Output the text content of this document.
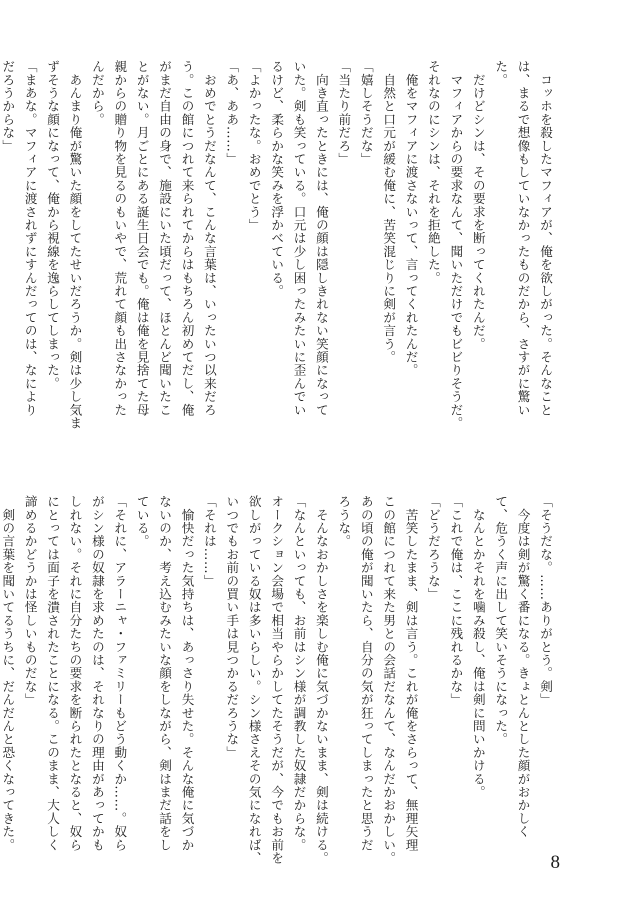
　コッホを殺したマフィアが、俺を欲しがった。そんなこと

は、まるで想像もしていなかったものだから、さすがに驚い

た。

　だけどシンは、その要求を断ってくれたんだ。

　マフィアからの要求なんて、聞いただけでもビビりそうだ。

それなのにシンは、それを拒絶した。

　俺をマフィアに渡さないって、言ってくれたんだ。

　自然と口元が緩む俺に、苦笑混じりに剣が言う。

「嬉しそうだな」

「当たり前だろ」

　向き直ったときには、俺の顔は隠しきれない笑顔になって

いた。剣も笑っている。口元は少し困ったみたいに歪んでい

るけど、柔らかな笑みを浮かべている。

「よかったな。おめでとう」

「あ、ああ……」

　おめでとうだなんて、こんな言葉は、いったいつ以来だろ

う。この館につれて来られてからはもちろん初めてだし、俺

がまだ自由の身で、施設にいた頃だって、ほとんど聞いたこ

とがない。月ごとにある誕生日会でも。俺は俺を見捨てた母

親からの贈り物を見るのもいやで、荒れて顔も出さなかった

んだから。

　あんまり俺が驚いた顔をしてたせいだろうか。剣は少し気ま

ずそうな顔になって、俺から視線を逸らしてしまった。

「まあな。マフィアに渡されずにすんだってのは、なにより

だろうからな」

「そうだな。……ありがとう。剣」

　今度は剣が驚く番になる。きょとんとした顔がおかしく

て、危うく声に出して笑いそうになった。

　なんとかそれを噛み殺し、俺は剣に問いかける。

「これで俺は、ここに残れるかな」

「どうだろうな」

　苦笑したまま、剣は言う。これが俺をさらって、無理矢理

この館につれて来た男との会話だなんて、なんだかおかしい。

あの頃の俺が聞いたら、自分の気が狂ってしまったと思うだ

ろうな。

　そんなおかしさを楽しむ俺に気づかないまま、剣は続ける。

「なんといっても、お前はシン様が調教した奴隷だからな。

オークション会場で相当やらかしてたそうだが、今でもお前を

欲しがっている奴は多いらしい。シン様さえその気になれば、

いつでもお前の買い手は見つかるだろうな」

「それは……」

　愉快だった気持ちは、あっさり失せた。そんな俺に気づか

ないのか、考え込むみたいな顔をしながら、剣はまだ話をし

ている。

「それに、アラーニャ・ファミリーもどう動くか……。奴ら

がシン様の奴隷を求めたのは、それなりの理由があってかも

しれない。それに自分たちの要求を断られたとなると、奴ら

にとっては面子を潰されたことになる。このまま、大人しく

諦めるかどうかは怪しいものだな」

　剣の言葉を聞いてるうちに、だんだんと恐くなってきた。

8
